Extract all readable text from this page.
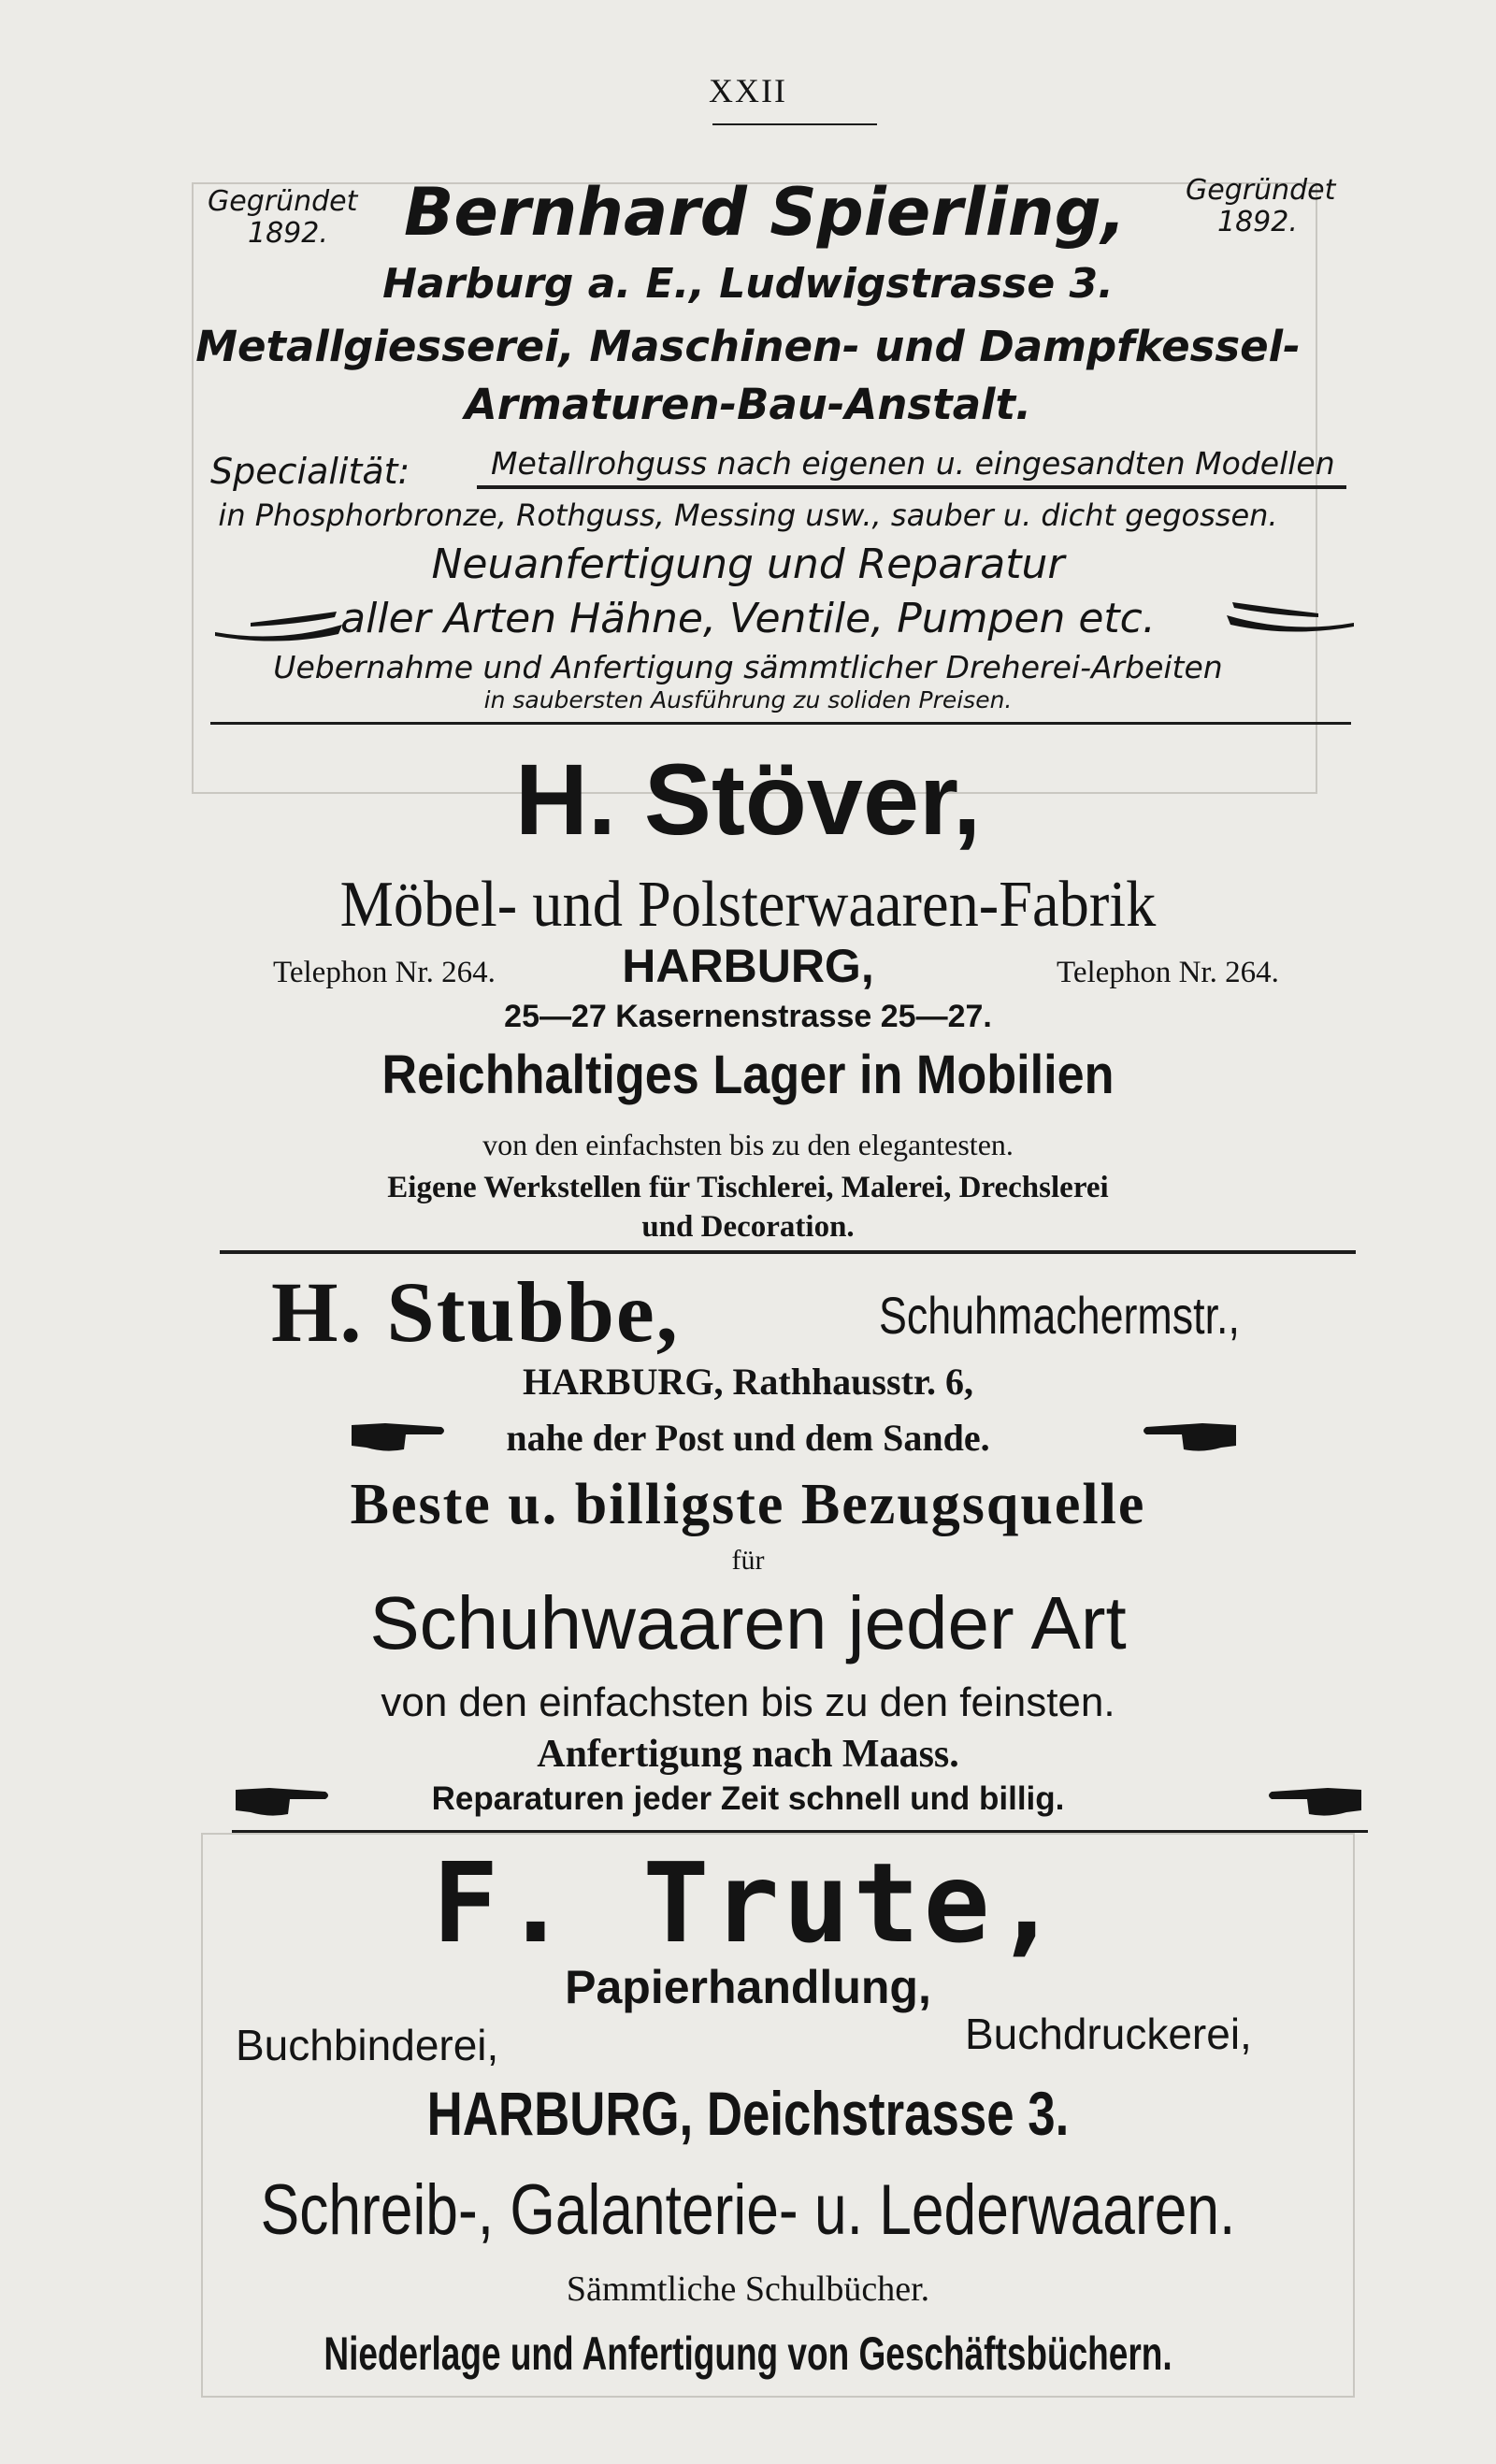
XXII
Gegründet
1892.
Gegründet
1892.
Bernhard Spierling,
Harburg a. E., Ludwigstrasse 3.
Metallgiesserei, Maschinen- und Dampfkessel-
Armaturen-Bau-Anstalt.
Specialität:	Metallrohguss nach eigenen u. eingesandten Modellen
in Phosphorbronze, Rothguss, Messing usw., sauber u. dicht gegossen.
Neuanfertigung und Reparatur
aller Arten Hähne, Ventile, Pumpen etc.
Uebernahme und Anfertigung sämmtlicher Dreherei-Arbeiten
in saubersten Ausführung zu soliden Preisen.
H. Stöver,
Möbel- und Polsterwaaren-Fabrik
Telephon Nr. 264.	HARBURG,	Telephon Nr. 264.
25—27 Kasernenstrasse 25—27.
Reichhaltiges Lager in Mobilien
von den einfachsten bis zu den elegantesten.
Eigene Werkstellen für Tischlerei, Malerei, Drechslerei
und Decoration.
H. Stubbe,	Schuhmachermstr.,
HARBURG, Rathhausstr. 6,
nahe der Post und dem Sande.
Beste u. billigste Bezugsquelle
für
Schuhwaaren jeder Art
von den einfachsten bis zu den feinsten.
Anfertigung nach Maass.
Reparaturen jeder Zeit schnell und billig.
F. Trute,
Papierhandlung,
Buchbinderei,	Buchdruckerei,
HARBURG, Deichstrasse 3.
Schreib-, Galanterie- u. Lederwaaren.
Sämmtliche Schulbücher.
Niederlage und Anfertigung von Geschäftsbüchern.
